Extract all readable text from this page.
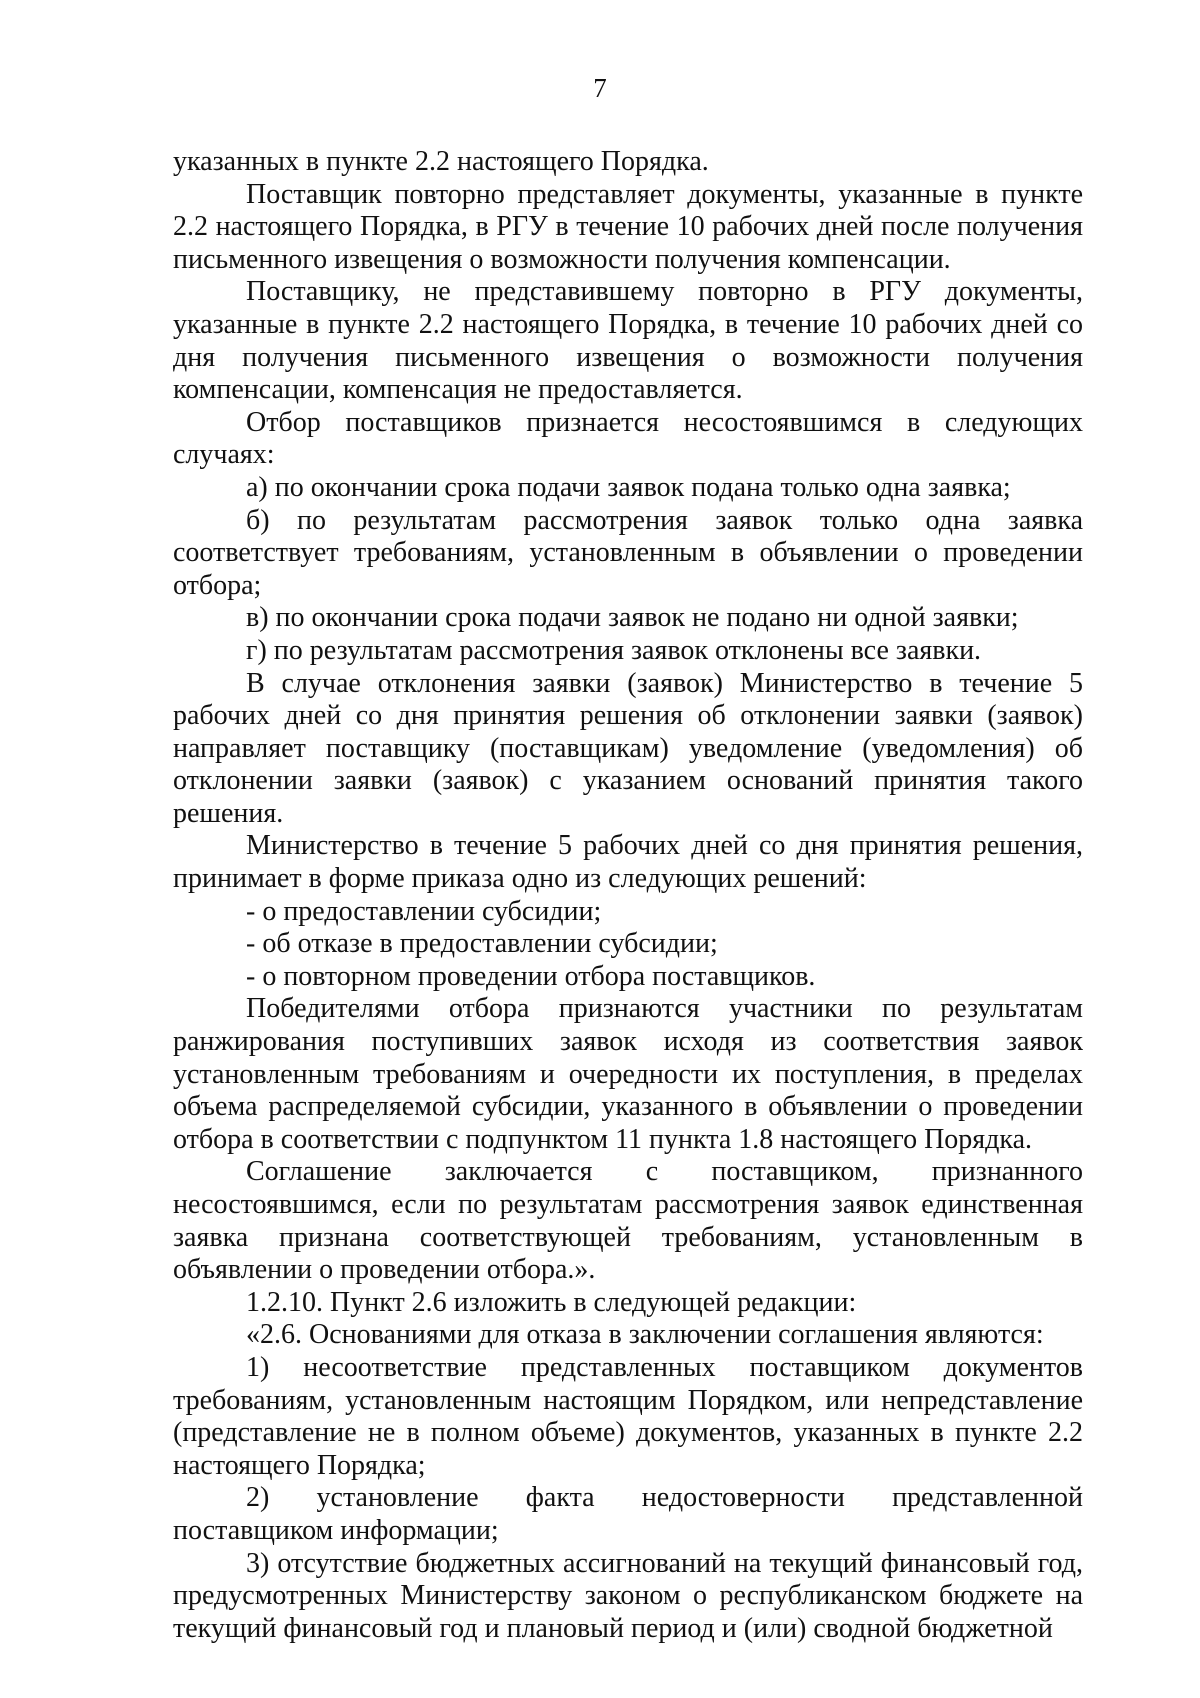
7

указанных в пункте 2.2 настоящего Порядка.

Поставщик повторно представляет документы, указанные в пункте 2.2 настоящего Порядка, в РГУ в течение 10 рабочих дней после получения письменного извещения о возможности получения компенсации.

Поставщику, не представившему повторно в РГУ документы, указанные в пункте 2.2 настоящего Порядка, в течение 10 рабочих дней со дня получения письменного извещения о возможности получения компенсации, компенсация не предоставляется.

Отбор поставщиков признается несостоявшимся в следующих случаях:

а) по окончании срока подачи заявок подана только одна заявка;

б) по результатам рассмотрения заявок только одна заявка соответствует требованиям, установленным в объявлении о проведении отбора;

в) по окончании срока подачи заявок не подано ни одной заявки;

г) по результатам рассмотрения заявок отклонены все заявки.

В случае отклонения заявки (заявок) Министерство в течение 5 рабочих дней со дня принятия решения об отклонении заявки (заявок) направляет поставщику (поставщикам) уведомление (уведомления) об отклонении заявки (заявок) с указанием оснований принятия такого решения.

Министерство в течение 5 рабочих дней со дня принятия решения, принимает в форме приказа одно из следующих решений:

- о предоставлении субсидии;

- об отказе в предоставлении субсидии;

- о повторном проведении отбора поставщиков.

Победителями отбора признаются участники по результатам ранжирования поступивших заявок исходя из соответствия заявок установленным требованиям и очередности их поступления, в пределах объема распределяемой субсидии, указанного в объявлении о проведении отбора в соответствии с подпунктом 11 пункта 1.8 настоящего Порядка.

Соглашение заключается с поставщиком, признанного несостоявшимся, если по результатам рассмотрения заявок единственная заявка признана соответствующей требованиям, установленным в объявлении о проведении отбора.».

1.2.10. Пункт 2.6 изложить в следующей редакции:

«2.6. Основаниями для отказа в заключении соглашения являются:

1) несоответствие представленных поставщиком документов требованиям, установленным настоящим Порядком, или непредставление (представление не в полном объеме) документов, указанных в пункте 2.2 настоящего Порядка;

2) установление факта недостоверности представленной поставщиком информации;

3) отсутствие бюджетных ассигнований на текущий финансовый год, предусмотренных Министерству законом о республиканском бюджете на текущий финансовый год и плановый период и (или) сводной бюджетной
